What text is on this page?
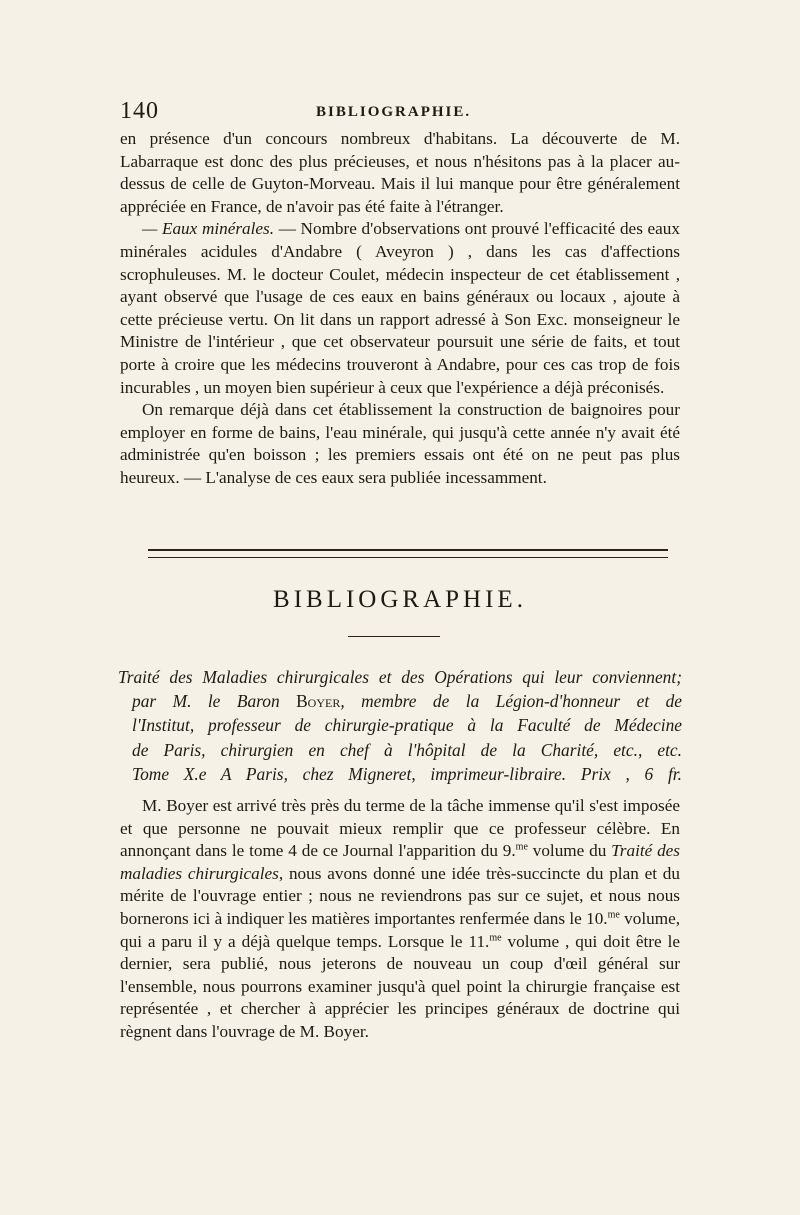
140	BIBLIOGRAPHIE.
en présence d'un concours nombreux d'habitans. La découverte de M. Labarraque est donc des plus précieuses, et nous n'hésitons pas à la placer au-dessus de celle de Guyton-Morveau. Mais il lui manque pour être généralement appréciée en France, de n'avoir pas été faite à l'étranger.
— Eaux minérales. — Nombre d'observations ont prouvé l'efficacité des eaux minérales acidules d'Andabre ( Aveyron ) , dans les cas d'affections scrophuleuses. M. le docteur Coulet, médecin inspecteur de cet établissement , ayant observé que l'usage de ces eaux en bains généraux ou locaux , ajoute à cette précieuse vertu. On lit dans un rapport adressé à Son Exc. monseigneur le Ministre de l'intérieur , que cet observateur poursuit une série de faits, et tout porte à croire que les médecins trouveront à Andabre, pour ces cas trop de fois incurables , un moyen bien supérieur à ceux que l'expérience a déjà préconisés.
On remarque déjà dans cet établissement la construction de baignoires pour employer en forme de bains, l'eau minérale, qui jusqu'à cette année n'y avait été administrée qu'en boisson ; les premiers essais ont été on ne peut pas plus heureux. — L'analyse de ces eaux sera publiée incessamment.
BIBLIOGRAPHIE.
Traité des Maladies chirurgicales et des Opérations qui leur conviennent;
par M. le Baron Boyer, membre de la Légion-d'honneur et de
l'Institut, professeur de chirurgie-pratique à la Faculté de Médecine
de Paris, chirurgien en chef à l'hôpital de la Charité, etc., etc.
Tome X.e A Paris, chez Migneret, imprimeur-libraire. Prix , 6 fr.
M. Boyer est arrivé très près du terme de la tâche immense qu'il s'est imposée et que personne ne pouvait mieux remplir que ce professeur célèbre. En annonçant dans le tome 4 de ce Journal l'apparition du 9.$^{me}$ volume du Traité des maladies chirurgicales, nous avons donné une idée très-succincte du plan et du mérite de l'ouvrage entier ; nous ne reviendrons pas sur ce sujet, et nous nous bornerons ici à indiquer les matières importantes renfermée dans le 10.$^{me}$ volume, qui a paru il y a déjà quelque temps. Lorsque le 11.$^{me}$ volume , qui doit être le dernier, sera publié, nous jeterons de nouveau un coup d'œil général sur l'ensemble, nous pourrons examiner jusqu'à quel point la chirurgie française est représentée , et chercher à apprécier les principes généraux de doctrine qui règnent dans l'ouvrage de M. Boyer.
